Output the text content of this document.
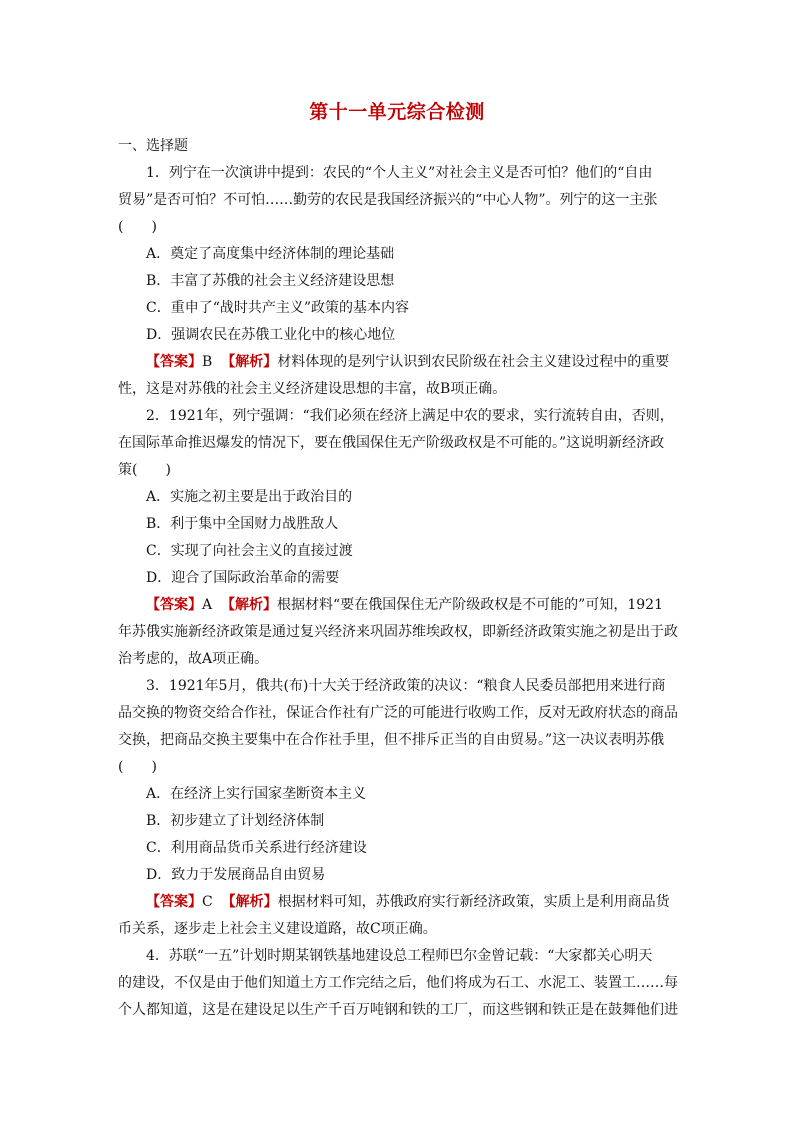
第十一单元综合检测
一、选择题
1．列宁在一次演讲中提到：农民的“个人主义”对社会主义是否可怕？他们的“自由
贸易”是否可怕？不可怕……勤劳的农民是我国经济振兴的“中心人物”。列宁的这一主张
(　　)
A．奠定了高度集中经济体制的理论基础
B．丰富了苏俄的社会主义经济建设思想
C．重申了“战时共产主义”政策的基本内容
D．强调农民在苏俄工业化中的核心地位
【答案】B 【解析】材料体现的是列宁认识到农民阶级在社会主义建设过程中的重要
性，这是对苏俄的社会主义经济建设思想的丰富，故B项正确。
2．1921年，列宁强调：“我们必须在经济上满足中农的要求，实行流转自由，否则，
在国际革命推迟爆发的情况下，要在俄国保住无产阶级政权是不可能的。”这说明新经济政
策(　　)
A．实施之初主要是出于政治目的
B．利于集中全国财力战胜敌人
C．实现了向社会主义的直接过渡
D．迎合了国际政治革命的需要
【答案】A 【解析】根据材料“要在俄国保住无产阶级政权是不可能的”可知，1921
年苏俄实施新经济政策是通过复兴经济来巩固苏维埃政权，即新经济政策实施之初是出于政
治考虑的，故A项正确。
3．1921年5月，俄共(布)十大关于经济政策的决议：“粮食人民委员部把用来进行商
品交换的物资交给合作社，保证合作社有广泛的可能进行收购工作，反对无政府状态的商品
交换，把商品交换主要集中在合作社手里，但不排斥正当的自由贸易。”这一决议表明苏俄
(　　)
A．在经济上实行国家垄断资本主义
B．初步建立了计划经济体制
C．利用商品货币关系进行经济建设
D．致力于发展商品自由贸易
【答案】C 【解析】根据材料可知，苏俄政府实行新经济政策，实质上是利用商品货
币关系，逐步走上社会主义建设道路，故C项正确。
4．苏联“一五”计划时期某钢铁基地建设总工程师巴尔金曾记载：“大家都关心明天
的建设，不仅是由于他们知道土方工作完结之后，他们将成为石工、水泥工、装置工……每
个人都知道，这是在建设足以生产千百万吨钢和铁的工厂，而这些钢和铁正是在鼓舞他们进
